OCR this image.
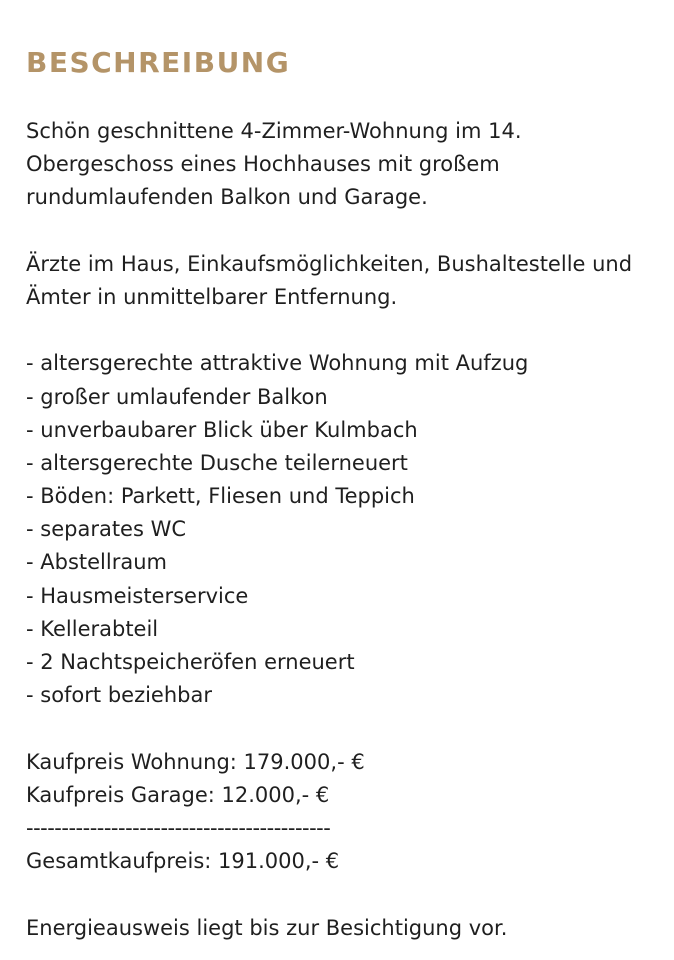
BESCHREIBUNG
Schön geschnittene 4-Zimmer-Wohnung im 14.
Obergeschoss eines Hochhauses mit großem
rundumlaufenden Balkon und Garage.
Ärzte im Haus, Einkaufsmöglichkeiten, Bushaltestelle und
Ämter in unmittelbarer Entfernung.
- altersgerechte attraktive Wohnung mit Aufzug
- großer umlaufender Balkon
- unverbaubarer Blick über Kulmbach
- altersgerechte Dusche teilerneuert
- Böden: Parkett, Fliesen und Teppich
- separates WC
- Abstellraum
- Hausmeisterservice
- Kellerabteil
- 2 Nachtspeicheröfen erneuert
- sofort beziehbar
Kaufpreis Wohnung: 179.000,- €
Kaufpreis Garage: 12.000,- €
-------------------------------------------
Gesamtkaufpreis: 191.000,- €
Energieausweis liegt bis zur Besichtigung vor.
